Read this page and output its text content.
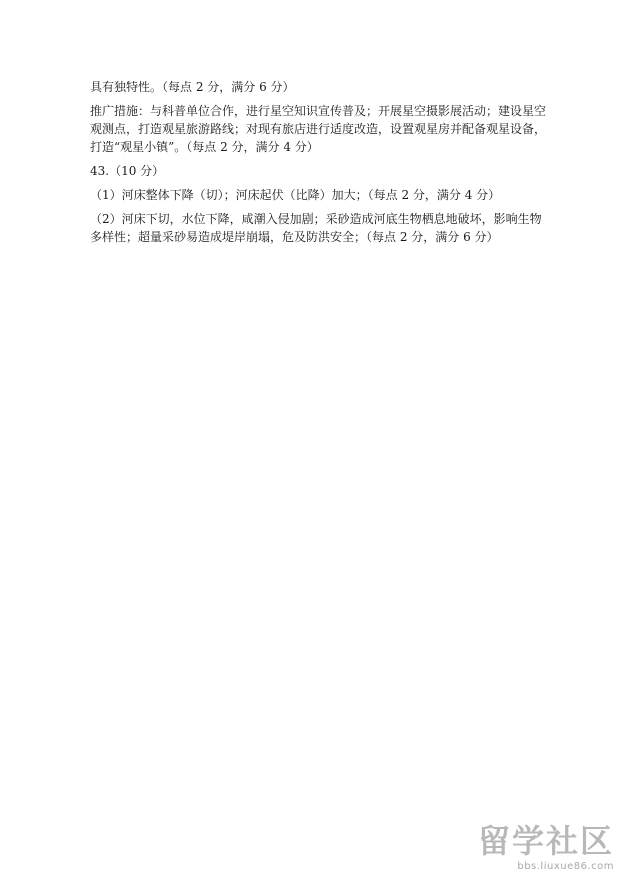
具有独特性。（每点 2 分，满分 6 分）

推广措施：与科普单位合作，进行星空知识宣传普及；开展星空摄影展活动；建设星空观测点，打造观星旅游路线；对现有旅店进行适度改造，设置观星房并配备观星设备，打造“观星小镇”。（每点 2 分，满分 4 分）

43.（10 分）

（1）河床整体下降（切）；河床起伏（比降）加大；（每点 2 分，满分 4 分）

（2）河床下切，水位下降，咸潮入侵加剧；采砂造成河底生物栖息地破坏，影响生物多样性；超量采砂易造成堤岸崩塌，危及防洪安全；（每点 2 分，满分 6 分）

留学社区
bbs.liuxue86.com
